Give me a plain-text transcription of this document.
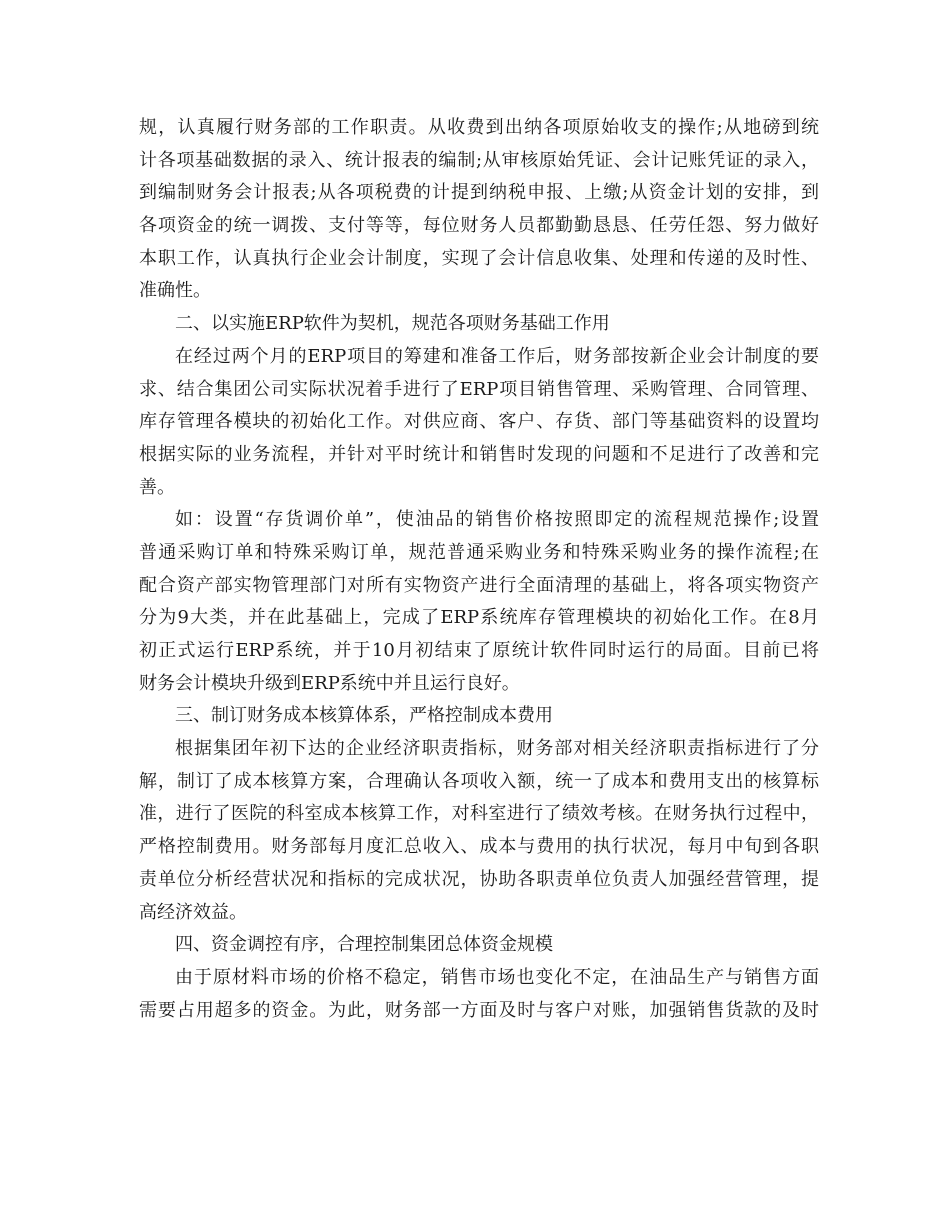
规，认真履行财务部的工作职责。从收费到出纳各项原始收支的操作;从地磅到统
计各项基础数据的录入、统计报表的编制;从审核原始凭证、会计记账凭证的录入，
到编制财务会计报表;从各项税费的计提到纳税申报、上缴;从资金计划的安排，到
各项资金的统一调拨、支付等等，每位财务人员都勤勤恳恳、任劳任怨、努力做好
本职工作，认真执行企业会计制度，实现了会计信息收集、处理和传递的及时性、
准确性。
二、以实施ERP软件为契机，规范各项财务基础工作用
在经过两个月的ERP项目的筹建和准备工作后，财务部按新企业会计制度的要
求、结合集团公司实际状况着手进行了ERP项目销售管理、采购管理、合同管理、
库存管理各模块的初始化工作。对供应商、客户、存货、部门等基础资料的设置均
根据实际的业务流程，并针对平时统计和销售时发现的问题和不足进行了改善和完
善。
如：设置“存货调价单”，使油品的销售价格按照即定的流程规范操作;设置
普通采购订单和特殊采购订单，规范普通采购业务和特殊采购业务的操作流程;在
配合资产部实物管理部门对所有实物资产进行全面清理的基础上，将各项实物资产
分为9大类，并在此基础上，完成了ERP系统库存管理模块的初始化工作。在8月
初正式运行ERP系统，并于10月初结束了原统计软件同时运行的局面。目前已将
财务会计模块升级到ERP系统中并且运行良好。
三、制订财务成本核算体系，严格控制成本费用
根据集团年初下达的企业经济职责指标，财务部对相关经济职责指标进行了分
解，制订了成本核算方案，合理确认各项收入额，统一了成本和费用支出的核算标
准，进行了医院的科室成本核算工作，对科室进行了绩效考核。在财务执行过程中，
严格控制费用。财务部每月度汇总收入、成本与费用的执行状况，每月中旬到各职
责单位分析经营状况和指标的完成状况，协助各职责单位负责人加强经营管理，提
高经济效益。
四、资金调控有序，合理控制集团总体资金规模
由于原材料市场的价格不稳定，销售市场也变化不定，在油品生产与销售方面
需要占用超多的资金。为此，财务部一方面及时与客户对账，加强销售货款的及时
